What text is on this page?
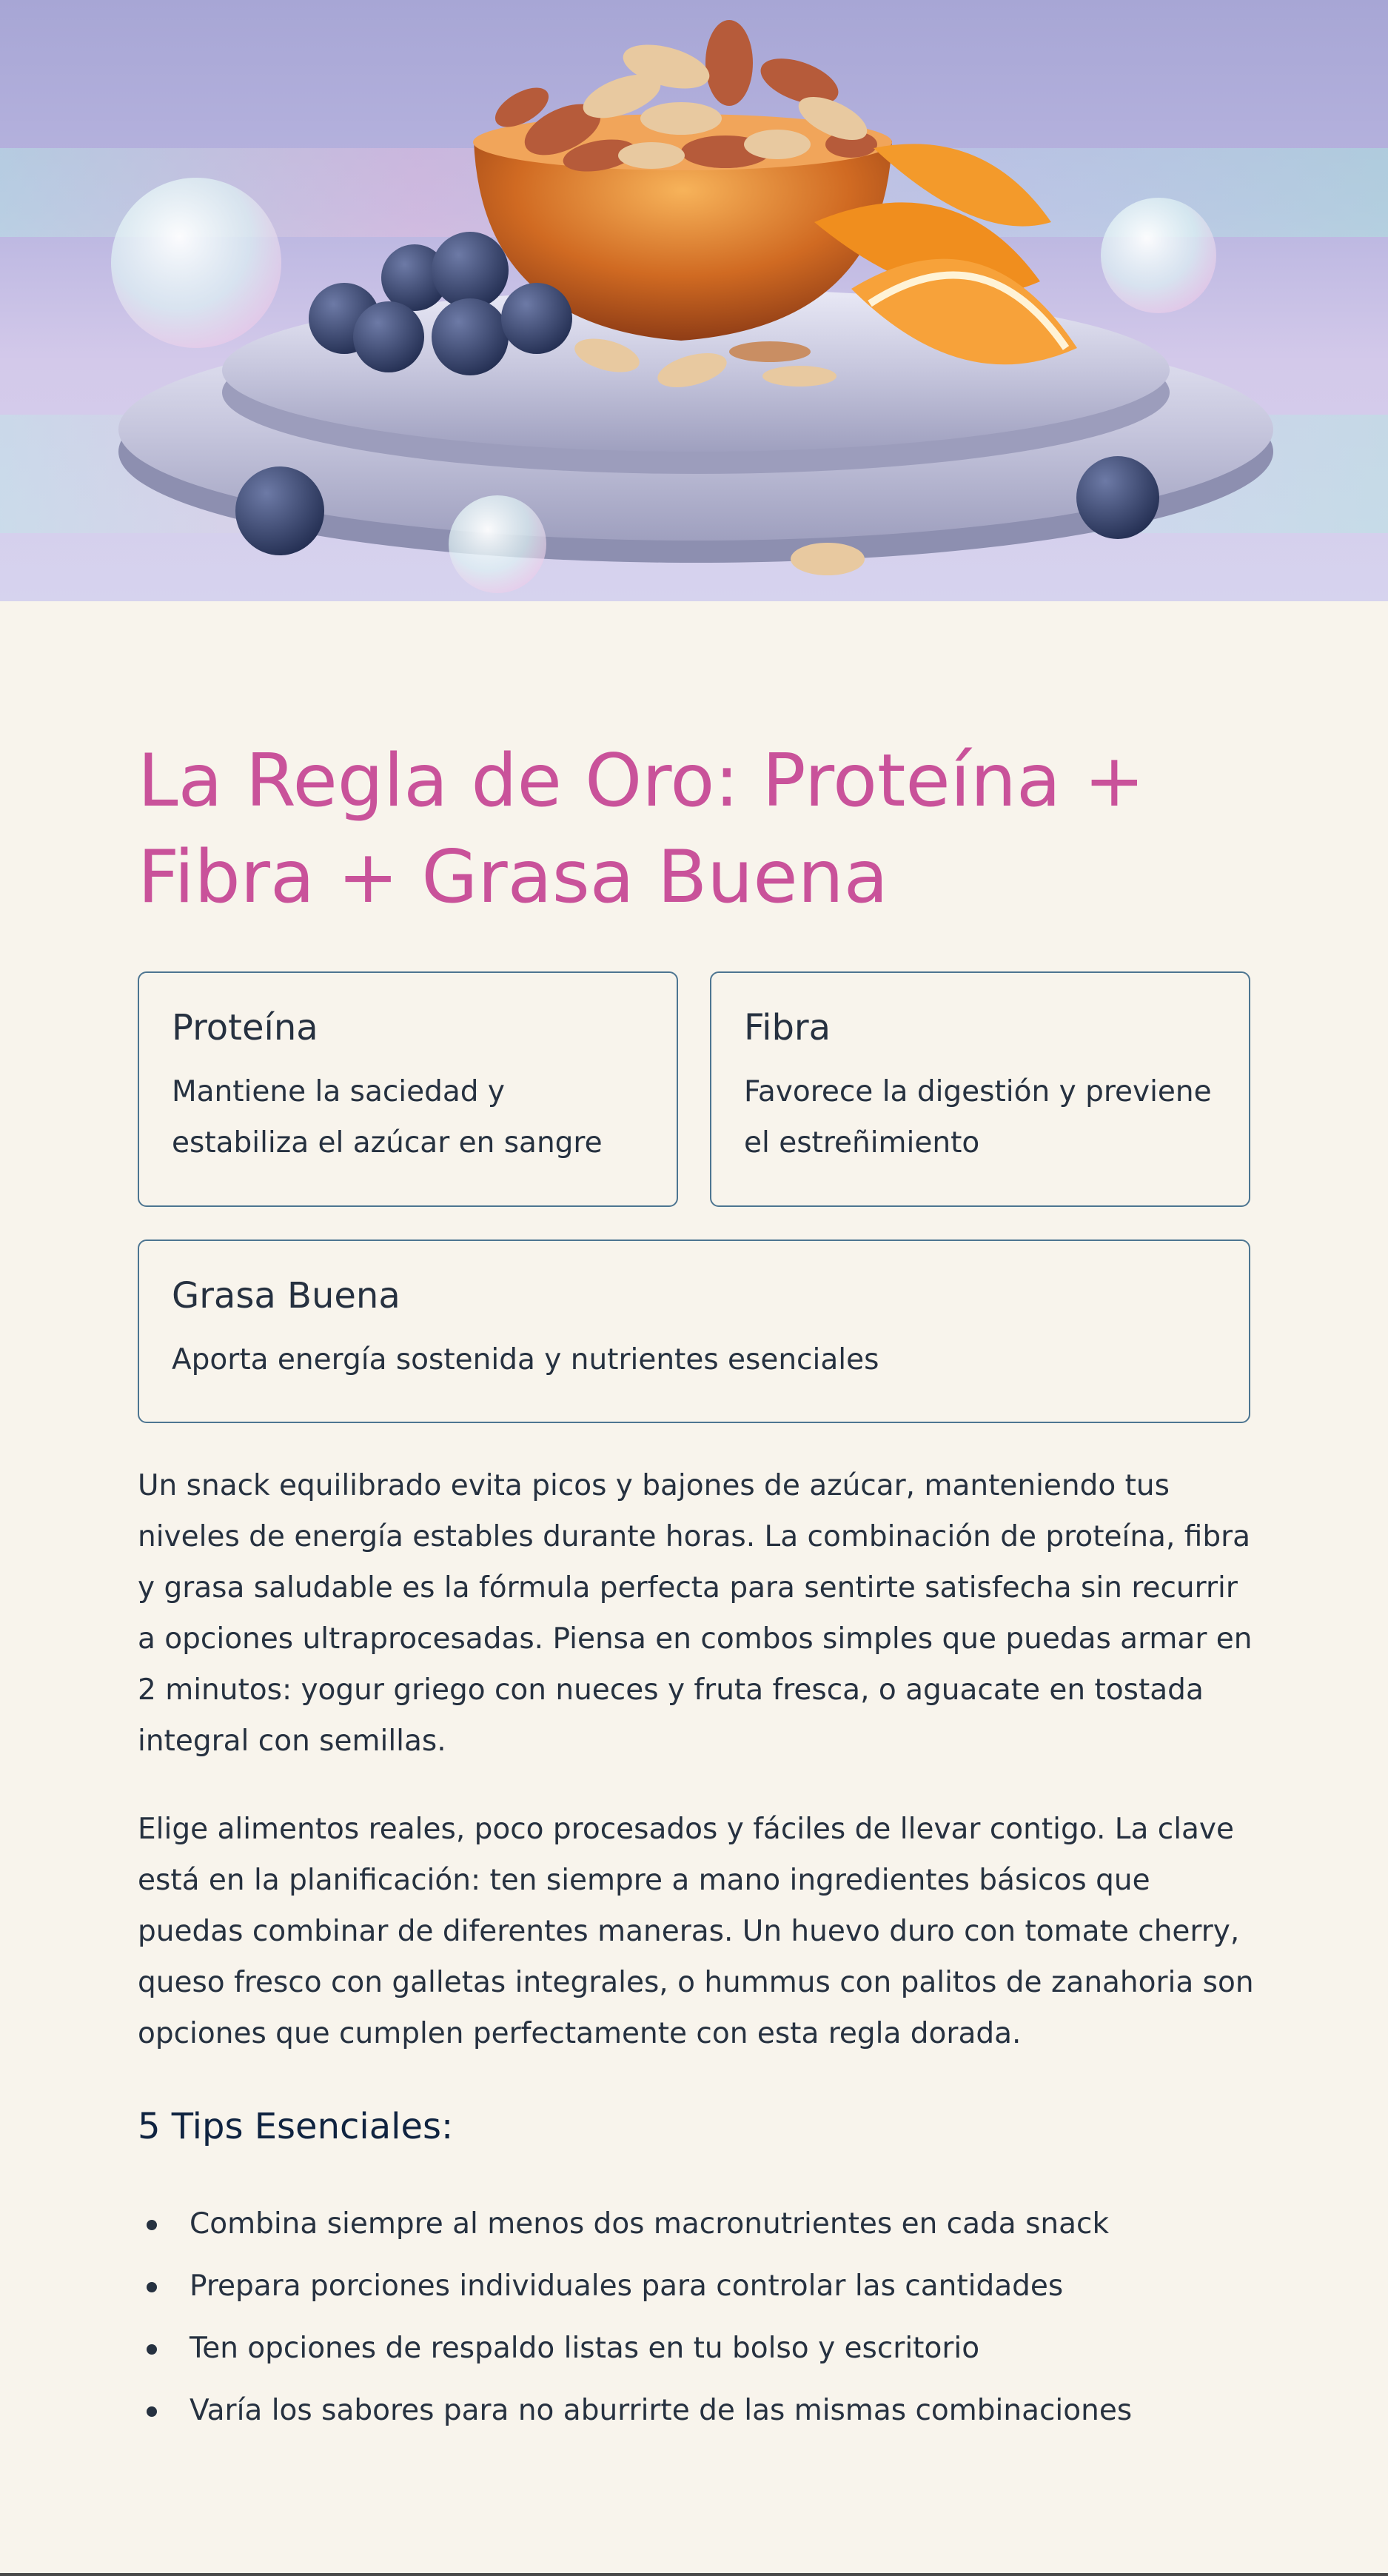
La Regla de Oro: Proteína + Fibra + Grasa Buena
Proteína

Mantiene la saciedad y estabiliza el azúcar en sangre

Fibra

Favorece la digestión y previene el estreñimiento

Grasa Buena

Aporta energía sostenida y nutrientes esenciales

Un snack equilibrado evita picos y bajones de azúcar, manteniendo tus niveles de energía estables durante horas. La combinación de proteína, fibra y grasa saludable es la fórmula perfecta para sentirte satisfecha sin recurrir a opciones ultraprocesadas. Piensa en combos simples que puedas armar en 2 minutos: yogur griego con nueces y fruta fresca, o aguacate en tostada integral con semillas.

Elige alimentos reales, poco procesados y fáciles de llevar contigo. La clave está en la planificación: ten siempre a mano ingredientes básicos que puedas combinar de diferentes maneras. Un huevo duro con tomate cherry, queso fresco con galletas integrales, o hummus con palitos de zanahoria son opciones que cumplen perfectamente con esta regla dorada.

5 Tips Esenciales:
Combina siempre al menos dos macronutrientes en cada snack
Prepara porciones individuales para controlar las cantidades
Ten opciones de respaldo listas en tu bolso y escritorio
Varía los sabores para no aburrirte de las mismas combinaciones
